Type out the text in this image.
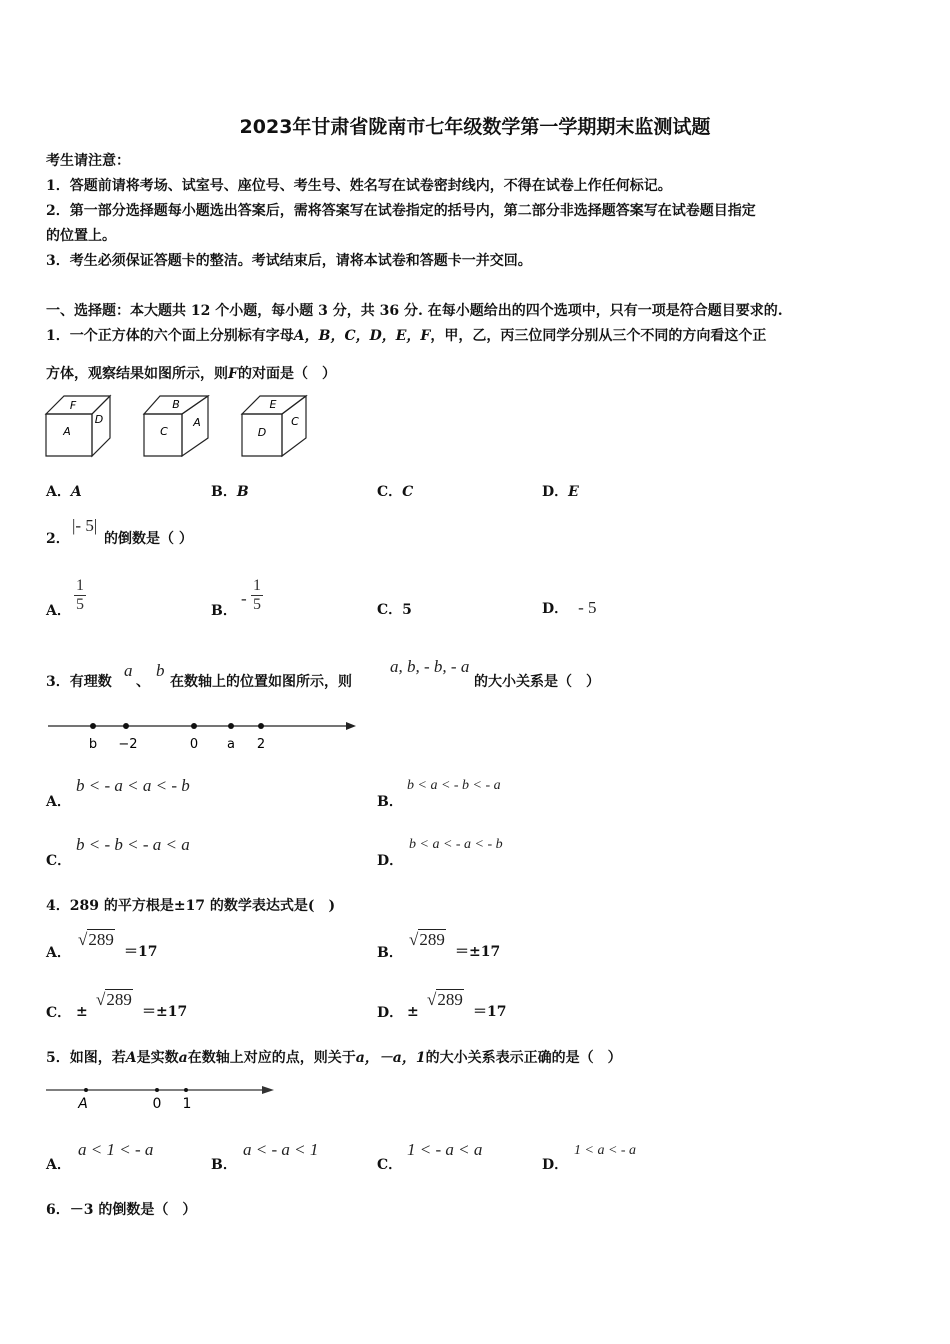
2023年甘肃省陇南市七年级数学第一学期期末监测试题
考生请注意：
1．答题前请将考场、试室号、座位号、考生号、姓名写在试卷密封线内，不得在试卷上作任何标记。
2．第一部分选择题每小题选出答案后，需将答案写在试卷指定的括号内，第二部分非选择题答案写在试卷题目指定
的位置上。
3．考生必须保证答题卡的整洁。考试结束后，请将本试卷和答题卡一并交回。
一、选择题：本大题共 12 个小题，每小题 3 分，共 36 分. 在每小题给出的四个选项中，只有一项是符合题目要求的.
1．一个正方体的六个面上分别标有字母A，B，C，D，E，F，甲，乙，丙三位同学分别从三个不同的方向看这个正
方体，观察结果如图所示，则F的对面是（　）
F
A
D
B
C
A
E
D
C
A．A	B．B	C．C	D．E
2．
|- 5|
的倒数是（ ）
A． $\frac{1}{5}$	B．
- $\frac{1}{5}$	C．5	D． - 5
3．有理数
a
、
b
在数轴上的位置如图所示，则
a, b, - b, - a
的大小关系是（　）
b −2	0 a 2
A．
b < - a < a < - b
B．
b < a < - b < - a
C．
b < - b < - a < a
D．
b < a < - a < - b
4．289 的平方根是±17 的数学表达式是(　)
A．
√289
＝17	B．
√289
＝±17
C． ±
√289
＝±17	D． ±
√289
＝17
5．如图，若A是实数a在数轴上对应的点，则关于a，－a，1的大小关系表示正确的是（　）
A	0 1
A．
a < 1 < - a
B．
a < - a < 1
C．
1 < - a < a
D．
1 < a < - a
6．－3 的倒数是（　）
